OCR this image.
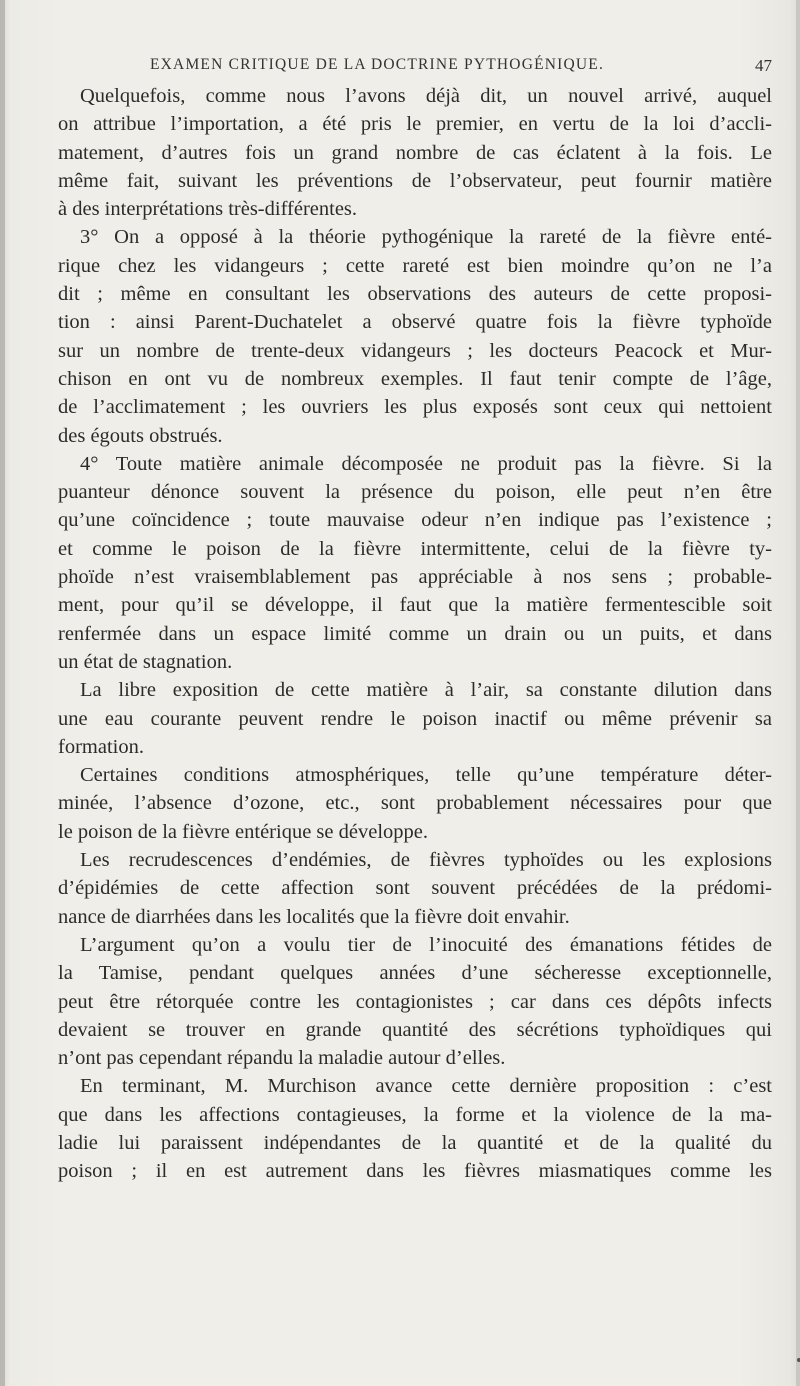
EXAMEN CRITIQUE DE LA DOCTRINE PYTHOGÉNIQUE.	47
Quelquefois, comme nous l’avons déjà dit, un nouvel arrivé, auquel
on attribue l’importation, a été pris le premier, en vertu de la loi d’accli-
matement, d’autres fois un grand nombre de cas éclatent à la fois. Le
même fait, suivant les préventions de l’observateur, peut fournir matière
à des interprétations très-différentes.
3° On a opposé à la théorie pythogénique la rareté de la fièvre enté-
rique chez les vidangeurs ; cette rareté est bien moindre qu’on ne l’a
dit ; même en consultant les observations des auteurs de cette proposi-
tion : ainsi Parent-Duchatelet a observé quatre fois la fièvre typhoïde
sur un nombre de trente-deux vidangeurs ; les docteurs Peacock et Mur-
chison en ont vu de nombreux exemples. Il faut tenir compte de l’âge,
de l’acclimatement ; les ouvriers les plus exposés sont ceux qui nettoient
des égouts obstrués.
4° Toute matière animale décomposée ne produit pas la fièvre. Si la
puanteur dénonce souvent la présence du poison, elle peut n’en être
qu’une coïncidence ; toute mauvaise odeur n’en indique pas l’existence ;
et comme le poison de la fièvre intermittente, celui de la fièvre ty-
phoïde n’est vraisemblablement pas appréciable à nos sens ; probable-
ment, pour qu’il se développe, il faut que la matière fermentescible soit
renfermée dans un espace limité comme un drain ou un puits, et dans
un état de stagnation.
La libre exposition de cette matière à l’air, sa constante dilution dans
une eau courante peuvent rendre le poison inactif ou même prévenir sa
formation.
Certaines conditions atmosphériques, telle qu’une température déter-
minée, l’absence d’ozone, etc., sont probablement nécessaires pour que
le poison de la fièvre entérique se développe.
Les recrudescences d’endémies, de fièvres typhoïdes ou les explosions
d’épidémies de cette affection sont souvent précédées de la prédomi-
nance de diarrhées dans les localités que la fièvre doit envahir.
L’argument qu’on a voulu tier de l’inocuité des émanations fétides de
la Tamise, pendant quelques années d’une sécheresse exceptionnelle,
peut être rétorquée contre les contagionistes ; car dans ces dépôts infects
devaient se trouver en grande quantité des sécrétions typhoïdiques qui
n’ont pas cependant répandu la maladie autour d’elles.
En terminant, M. Murchison avance cette dernière proposition : c’est
que dans les affections contagieuses, la forme et la violence de la ma-
ladie lui paraissent indépendantes de la quantité et de la qualité du
poison ; il en est autrement dans les fièvres miasmatiques comme les
